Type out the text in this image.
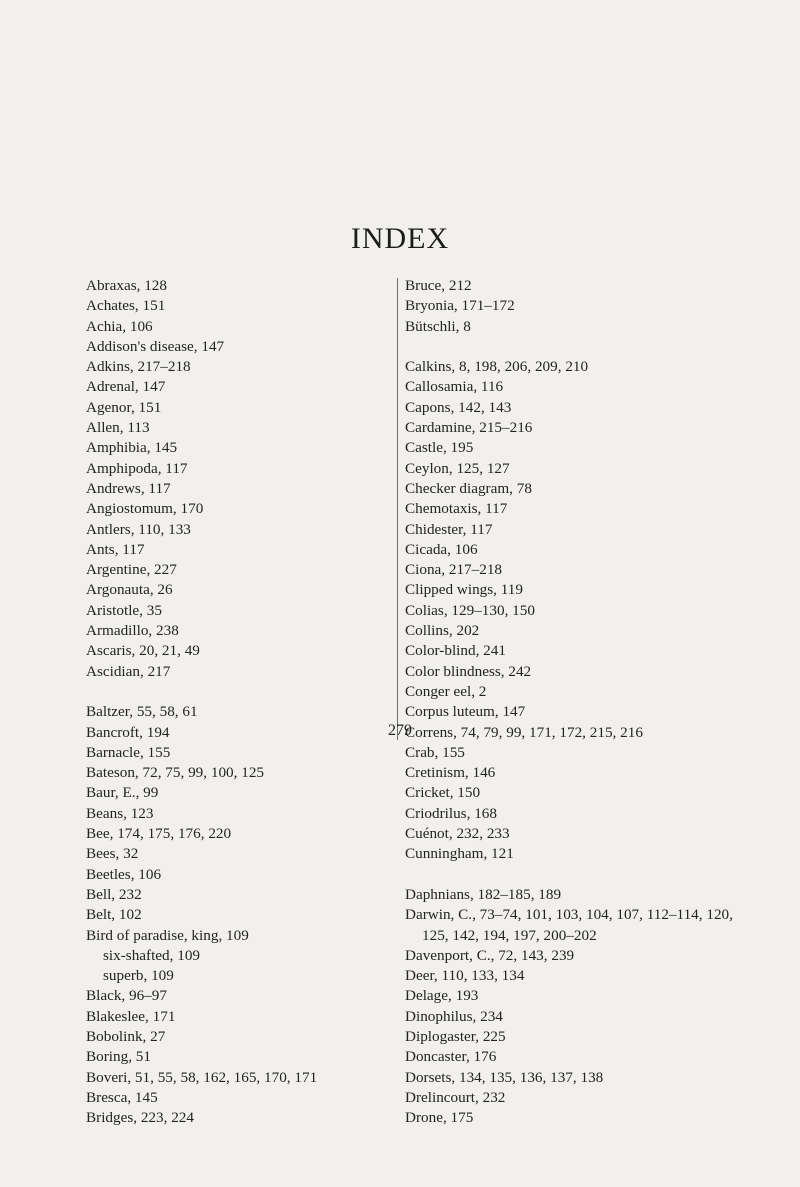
INDEX
Abraxas, 128
Achates, 151
Achia, 106
Addison's disease, 147
Adkins, 217–218
Adrenal, 147
Agenor, 151
Allen, 113
Amphibia, 145
Amphipoda, 117
Andrews, 117
Angiostomum, 170
Antlers, 110, 133
Ants, 117
Argentine, 227
Argonauta, 26
Aristotle, 35
Armadillo, 238
Ascaris, 20, 21, 49
Ascidian, 217
Baltzer, 55, 58, 61
Bancroft, 194
Barnacle, 155
Bateson, 72, 75, 99, 100, 125
Baur, E., 99
Beans, 123
Bee, 174, 175, 176, 220
Bees, 32
Beetles, 106
Bell, 232
Belt, 102
Bird of paradise, king, 109
six-shafted, 109
superb, 109
Black, 96–97
Blakeslee, 171
Bobolink, 27
Boring, 51
Boveri, 51, 55, 58, 162, 165, 170, 171
Bresca, 145
Bridges, 223, 224
Bruce, 212
Bryonia, 171–172
Bütschli, 8
Calkins, 8, 198, 206, 209, 210
Callosamia, 116
Capons, 142, 143
Cardamine, 215–216
Castle, 195
Ceylon, 125, 127
Checker diagram, 78
Chemotaxis, 117
Chidester, 117
Cicada, 106
Ciona, 217–218
Clipped wings, 119
Colias, 129–130, 150
Collins, 202
Color-blind, 241
Color blindness, 242
Conger eel, 2
Corpus luteum, 147
Correns, 74, 79, 99, 171, 172, 215, 216
Crab, 155
Cretinism, 146
Cricket, 150
Criodrilus, 168
Cuénot, 232, 233
Cunningham, 121
Daphnians, 182–185, 189
Darwin, C., 73–74, 101, 103, 104, 107, 112–114, 120, 125, 142, 194, 197, 200–202
Davenport, C., 72, 143, 239
Deer, 110, 133, 134
Delage, 193
Dinophilus, 234
Diplogaster, 225
Doncaster, 176
Dorsets, 134, 135, 136, 137, 138
Drelincourt, 232
Drone, 175
279
